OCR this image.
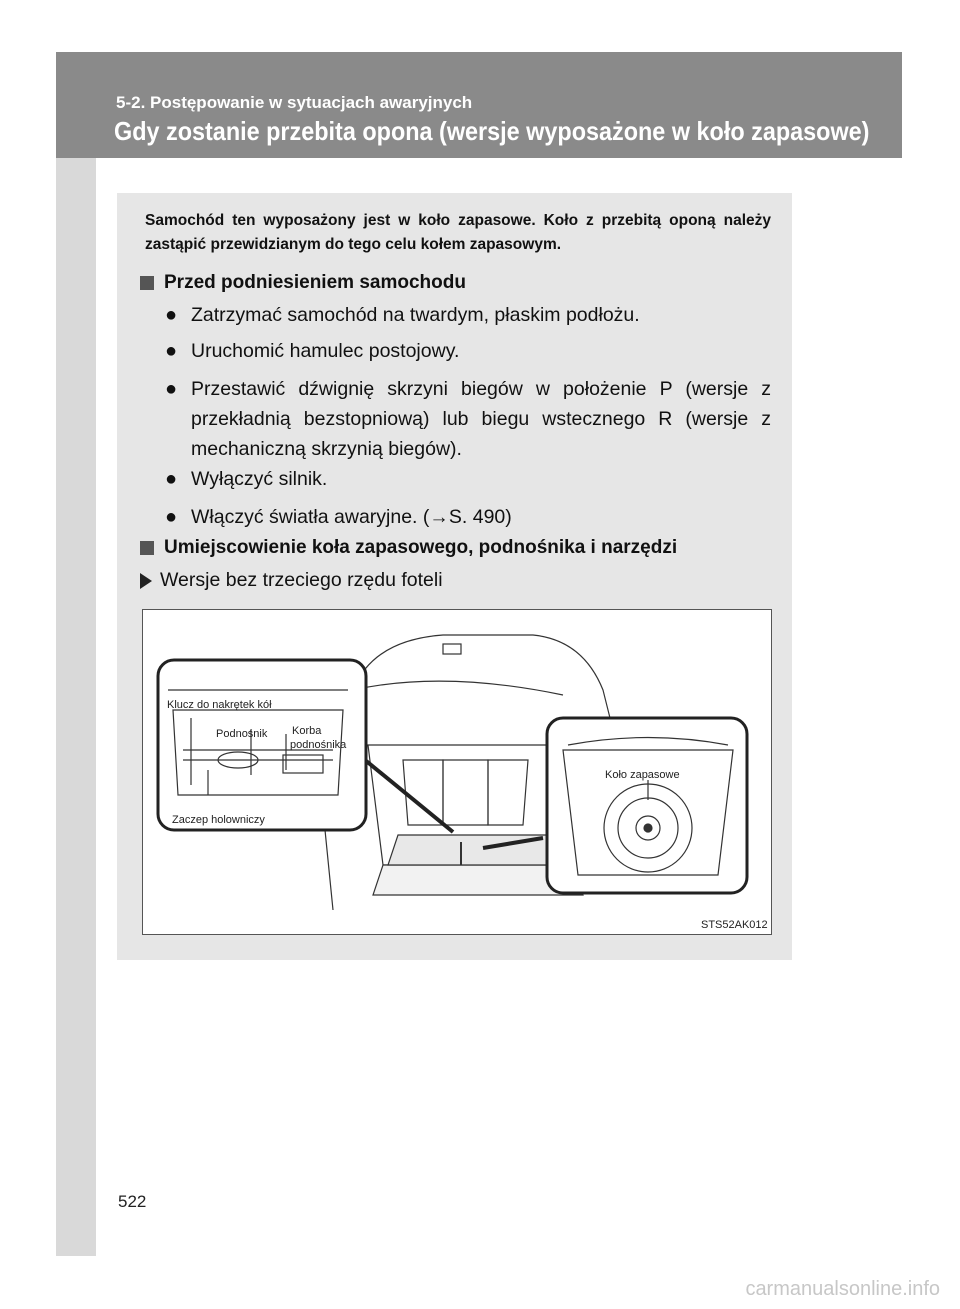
5-2. Postępowanie w sytuacjach awaryjnych
Gdy zostanie przebita opona (wersje wyposażone w koło zapasowe)
Samochód ten wyposażony jest w koło zapasowe. Koło z przebitą oponą należy zastąpić przewidzianym do tego celu kołem zapasowym.
Przed podniesieniem samochodu
● Zatrzymać samochód na twardym, płaskim podłożu.
● Uruchomić hamulec postojowy.
● Przestawić dźwignię skrzyni biegów w położenie P (wersje z przekładnią bezstopniową) lub biegu wstecznego R (wersje z mechaniczną skrzynią biegów).
● Wyłączyć silnik.
● Włączyć światła awaryjne. (→S. 490)
Umiejscowienie koła zapasowego, podnośnika i narzędzi
Wersje bez trzeciego rzędu foteli
Klucz do nakrętek kół
Podnośnik Korba
podnośnika
Zaczep holowniczy
Koło zapasowe
STS52AK012
522
carmanualsonline.info
